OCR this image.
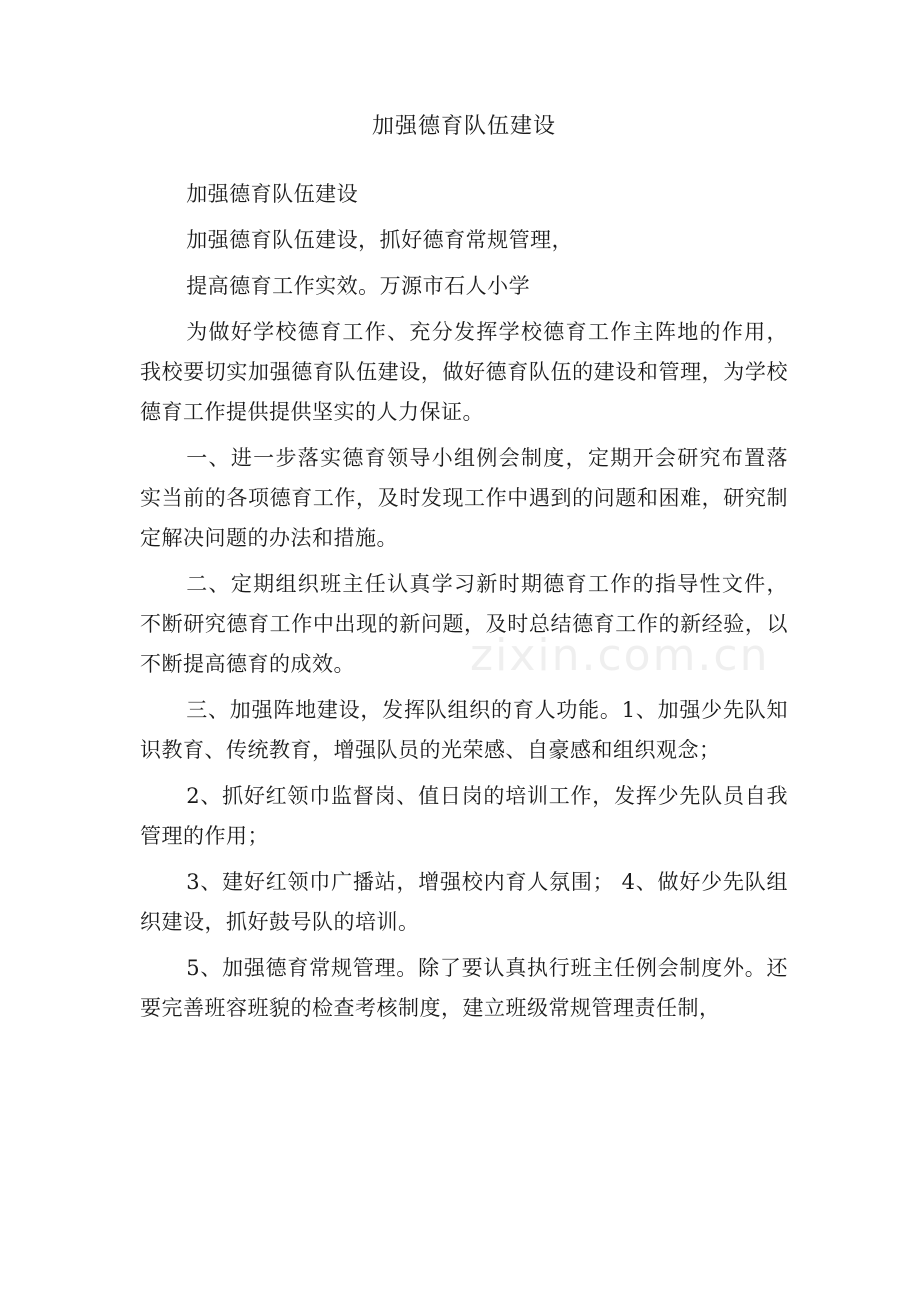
加强德育队伍建设

加强德育队伍建设

加强德育队伍建设，抓好德育常规管理，

提高德育工作实效。万源市石人小学

为做好学校德育工作、充分发挥学校德育工作主阵地的作用，我校要切实加强德育队伍建设，做好德育队伍的建设和管理，为学校德育工作提供提供坚实的人力保证。

一、进一步落实德育领导小组例会制度，定期开会研究布置落实当前的各项德育工作，及时发现工作中遇到的问题和困难，研究制定解决问题的办法和措施。

二、定期组织班主任认真学习新时期德育工作的指导性文件，不断研究德育工作中出现的新问题，及时总结德育工作的新经验，以不断提高德育的成效。

三、加强阵地建设，发挥队组织的育人功能。1、加强少先队知识教育、传统教育，增强队员的光荣感、自豪感和组织观念；

2、抓好红领巾监督岗、值日岗的培训工作，发挥少先队员自我管理的作用；

3、建好红领巾广播站，增强校内育人氛围； 4、做好少先队组织建设，抓好鼓号队的培训。

5、加强德育常规管理。除了要认真执行班主任例会制度外。还要完善班容班貌的检查考核制度，建立班级常规管理责任制，

zixin.com.cn
